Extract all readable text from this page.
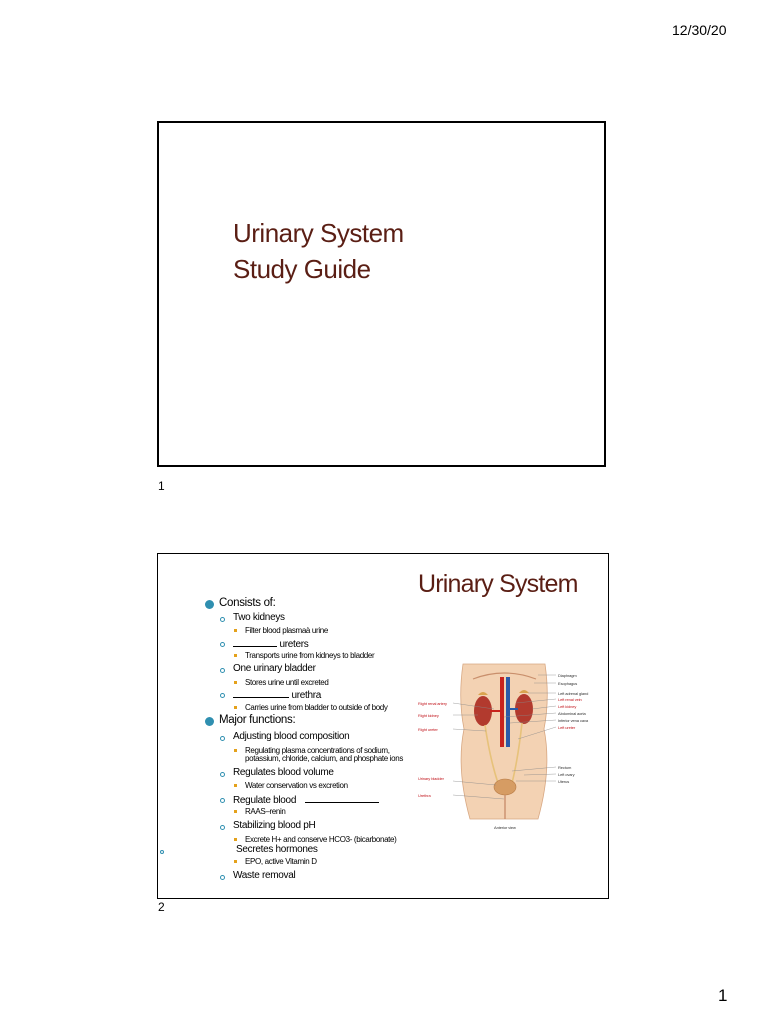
12/30/20
Urinary System
Study Guide
1
Urinary System
Consists of:
Two kidneys
Filter blood plasmaà urine
ureters
Transports urine from kidneys to bladder
One urinary bladder
Stores urine until excreted
urethra
Carries urine from bladder to outside of body
Major functions:
Adjusting blood composition
Regulating plasma concentrations of sodium,
potassium, chloride, calcium, and phosphate ions
Regulates blood volume
Water conservation vs excretion
Regulate blood
RAAS–renin
Stabilizing blood pH
Excrete H+ and conserve HCO3- (bicarbonate)
Secretes hormones
EPO, active Vitamin D
Waste removal
Right renal artery
Right kidney
Right ureter
Urinary bladder
Urethra
Diaphragm
Esophagus
Left adrenal gland
Left renal vein
Left kidney
Abdominal aorta
Inferior vena cava
Left ureter
Rectum
Left ovary
Uterus
Anterior view
2
1
